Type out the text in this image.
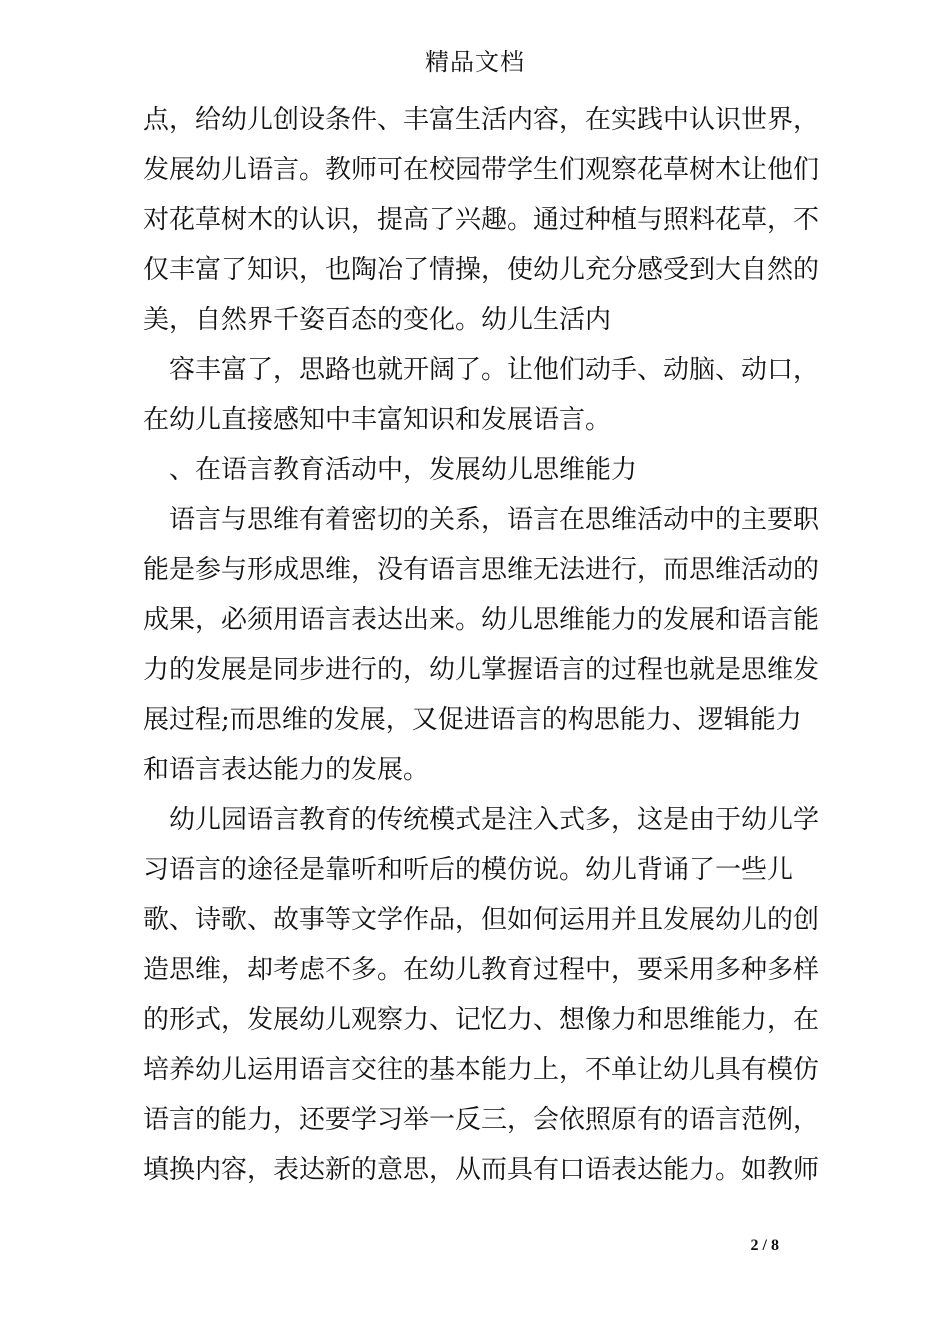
精品文档
点，给幼儿创设条件、丰富生活内容，在实践中认识世界，
发展幼儿语言。教师可在校园带学生们观察花草树木让他们
对花草树木的认识，提高了兴趣。通过种植与照料花草，不
仅丰富了知识，也陶冶了情操，使幼儿充分感受到大自然的
美，自然界千姿百态的变化。幼儿生活内
容丰富了，思路也就开阔了。让他们动手、动脑、动口，
在幼儿直接感知中丰富知识和发展语言。
、在语言教育活动中，发展幼儿思维能力
语言与思维有着密切的关系，语言在思维活动中的主要职
能是参与形成思维，没有语言思维无法进行，而思维活动的
成果，必须用语言表达出来。幼儿思维能力的发展和语言能
力的发展是同步进行的，幼儿掌握语言的过程也就是思维发
展过程;而思维的发展，又促进语言的构思能力、逻辑能力
和语言表达能力的发展。
幼儿园语言教育的传统模式是注入式多，这是由于幼儿学
习语言的途径是靠听和听后的模仿说。幼儿背诵了一些儿
歌、诗歌、故事等文学作品，但如何运用并且发展幼儿的创
造思维，却考虑不多。在幼儿教育过程中，要采用多种多样
的形式，发展幼儿观察力、记忆力、想像力和思维能力，在
培养幼儿运用语言交往的基本能力上，不单让幼儿具有模仿
语言的能力，还要学习举一反三，会依照原有的语言范例，
填换内容，表达新的意思，从而具有口语表达能力。如教师
2 / 8
